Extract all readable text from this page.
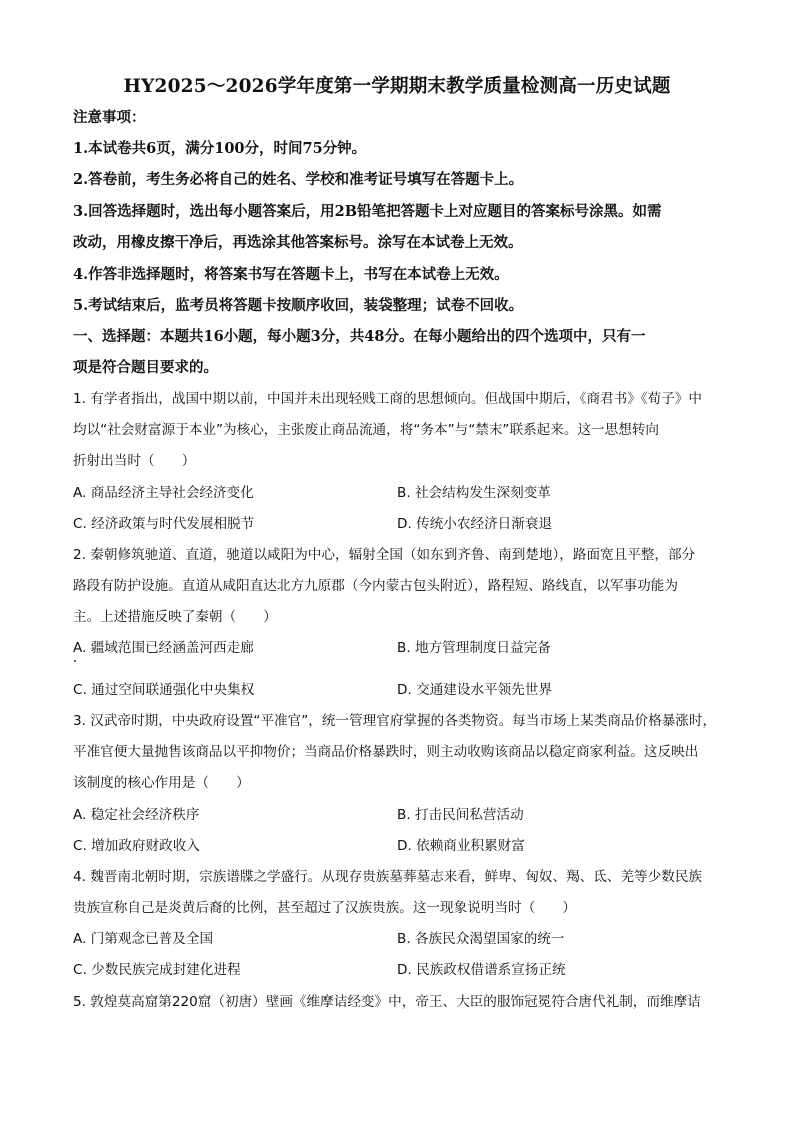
HY2025～2026学年度第一学期期末教学质量检测高一历史试题
注意事项：
1.本试卷共6页，满分100分，时间75分钟。
2.答卷前，考生务必将自己的姓名、学校和准考证号填写在答题卡上。
3.回答选择题时，选出每小题答案后，用2B铅笔把答题卡上对应题目的答案标号涂黑。如需
改动，用橡皮擦干净后，再选涂其他答案标号。涂写在本试卷上无效。
4.作答非选择题时，将答案书写在答题卡上，书写在本试卷上无效。
5.考试结束后，监考员将答题卡按顺序收回，装袋整理；试卷不回收。
一、选择题：本题共16小题，每小题3分，共48分。在每小题给出的四个选项中，只有一
项是符合题目要求的。
1. 有学者指出，战国中期以前，中国并未出现轻贱工商的思想倾向。但战国中期后，《商君书》《荀子》中
均以“社会财富源于本业”为核心，主张废止商品流通，将“务本”与“禁末”联系起来。这一思想转向
折射出当时（　　）
A. 商品经济主导社会经济变化	B. 社会结构发生深刻变革
C. 经济政策与时代发展相脱节	D. 传统小农经济日渐衰退
2. 秦朝修筑驰道、直道，驰道以咸阳为中心，辐射全国（如东到齐鲁、南到楚地），路面宽且平整，部分
路段有防护设施。直道从咸阳直达北方九原郡（今内蒙古包头附近），路程短、路线直，以军事功能为
主。上述措施反映了秦朝（　　）
A. 疆域范围已经涵盖河西走廊	B. 地方管理制度日益完备
C. 通过空间联通强化中央集权	D. 交通建设水平领先世界
3. 汉武帝时期，中央政府设置“平准官”，统一管理官府掌握的各类物资。每当市场上某类商品价格暴涨时，
平准官便大量抛售该商品以平抑物价；当商品价格暴跌时，则主动收购该商品以稳定商家利益。这反映出
该制度的核心作用是（　　）
A. 稳定社会经济秩序	B. 打击民间私营活动
C. 增加政府财政收入	D. 依赖商业积累财富
4. 魏晋南北朝时期，宗族谱牒之学盛行。从现存贵族墓葬墓志来看，鲜卑、匈奴、羯、氐、羌等少数民族
贵族宣称自己是炎黄后裔的比例，甚至超过了汉族贵族。这一现象说明当时（　　）
A. 门第观念已普及全国	B. 各族民众渴望国家的统一
C. 少数民族完成封建化进程	D. 民族政权借谱系宣扬正统
5. 敦煌莫高窟第220窟（初唐）壁画《维摩诘经变》中，帝王、大臣的服饰冠冕符合唐代礼制，而维摩诘
